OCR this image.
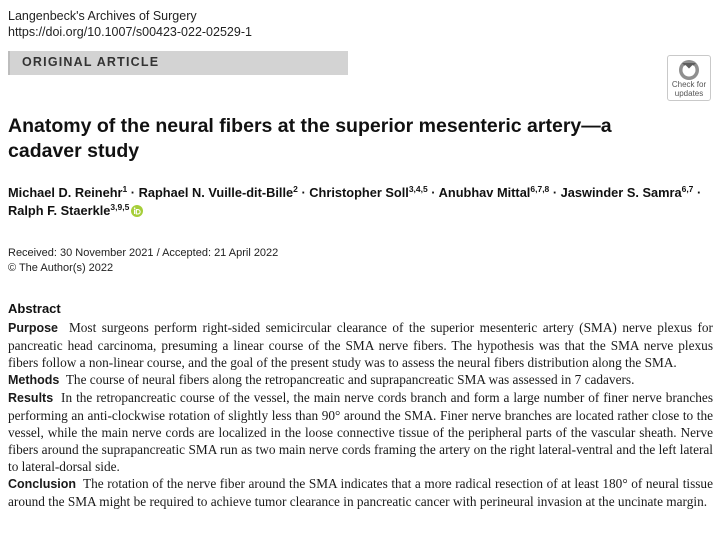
Langenbeck's Archives of Surgery
https://doi.org/10.1007/s00423-022-02529-1
ORIGINAL ARTICLE
Check for updates
Anatomy of the neural fibers at the superior mesenteric artery—a cadaver study
Michael D. Reinehr$^1$ · Raphael N. Vuille-dit-Bille$^2$ · Christopher Soll$^{3,4,5}$ · Anubhav Mittal$^{6,7,8}$ · Jaswinder S. Samra$^{6,7}$ · Ralph F. Staerkle$^{3,9,5}$
Received: 30 November 2021 / Accepted: 21 April 2022
© The Author(s) 2022
Abstract

Purpose Most surgeons perform right-sided semicircular clearance of the superior mesenteric artery (SMA) nerve plexus for pancreatic head carcinoma, presuming a linear course of the SMA nerve fibers. The hypothesis was that the SMA nerve plexus fibers follow a non-linear course, and the goal of the present study was to assess the neural fibers distribution along the SMA.

Methods The course of neural fibers along the retropancreatic and suprapancreatic SMA was assessed in 7 cadavers.

Results In the retropancreatic course of the vessel, the main nerve cords branch and form a large number of finer nerve branches performing an anti-clockwise rotation of slightly less than 90° around the SMA. Finer nerve branches are located rather close to the vessel, while the main nerve cords are localized in the loose connective tissue of the peripheral parts of the vascular sheath. Nerve fibers around the suprapancreatic SMA run as two main nerve cords framing the artery on the right lateral-ventral and the left lateral to lateral-dorsal side.

Conclusion The rotation of the nerve fiber around the SMA indicates that a more radical resection of at least 180° of neural tissue around the SMA might be required to achieve tumor clearance in pancreatic cancer with perineural invasion at the uncinate margin.
